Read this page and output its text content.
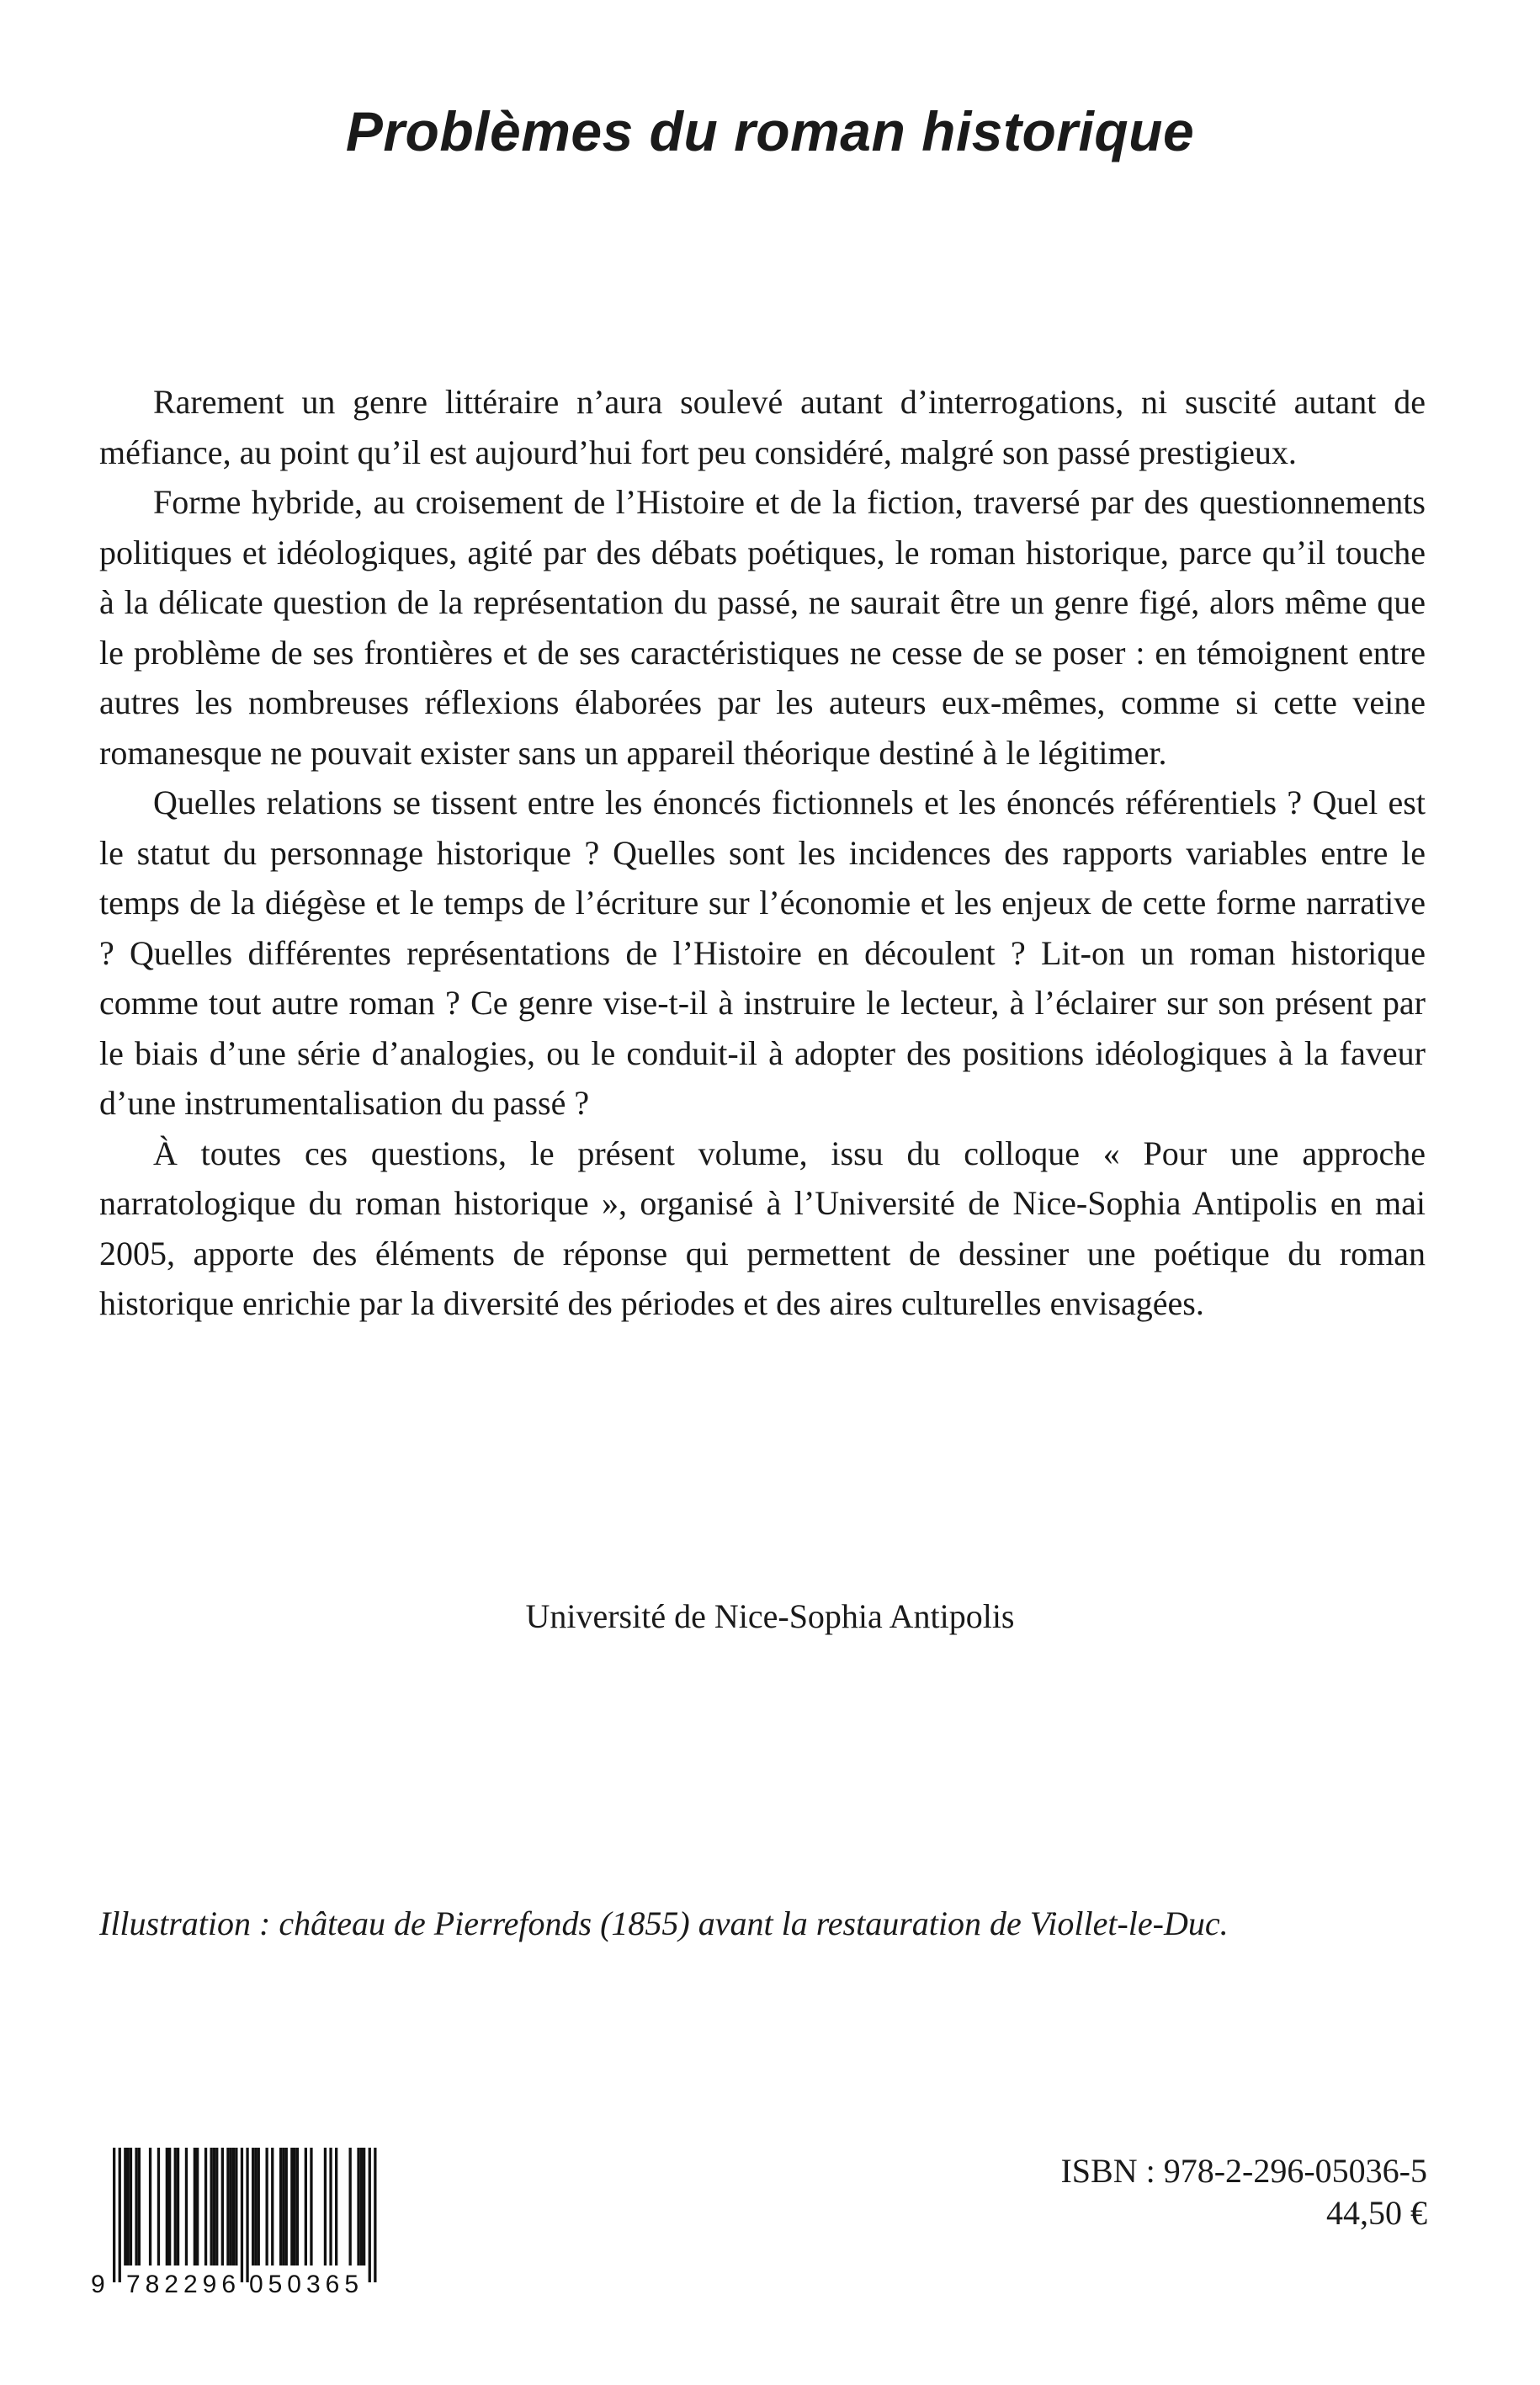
Problèmes du roman historique

Rarement un genre littéraire n’aura soulevé autant d’interrogations, ni suscité autant de méfiance, au point qu’il est aujourd’hui fort peu considéré, malgré son passé prestigieux.

Forme hybride, au croisement de l’Histoire et de la fiction, traversé par des questionnements politiques et idéologiques, agité par des débats poétiques, le roman historique, parce qu’il touche à la délicate question de la représentation du passé, ne saurait être un genre figé, alors même que le problème de ses frontières et de ses caractéristiques ne cesse de se poser : en témoignent entre autres les nombreuses réflexions élaborées par les auteurs eux-mêmes, comme si cette veine romanesque ne pouvait exister sans un appareil théorique destiné à le légitimer.

Quelles relations se tissent entre les énoncés fictionnels et les énoncés référentiels ? Quel est le statut du personnage historique ? Quelles sont les incidences des rapports variables entre le temps de la diégèse et le temps de l’écriture sur l’économie et les enjeux de cette forme narrative ? Quelles différentes représentations de l’Histoire en découlent ? Lit-on un roman historique comme tout autre roman ? Ce genre vise-t-il à instruire le lecteur, à l’éclairer sur son présent par le biais d’une série d’analogies, ou le conduit-il à adopter des positions idéologiques à la faveur d’une instrumentalisation du passé ?

À toutes ces questions, le présent volume, issu du colloque « Pour une approche narratologique du roman historique », organisé à l’Université de Nice-Sophia Antipolis en mai 2005, apporte des éléments de réponse qui permettent de dessiner une poétique du roman historique enrichie par la diversité des périodes et des aires culturelles envisagées.

Université de Nice-Sophia Antipolis
Illustration : château de Pierrefonds (1855) avant la restauration de Viollet-le-Duc.
9 782296 050365
ISBN : 978-2-296-05036-5
44,50 €
